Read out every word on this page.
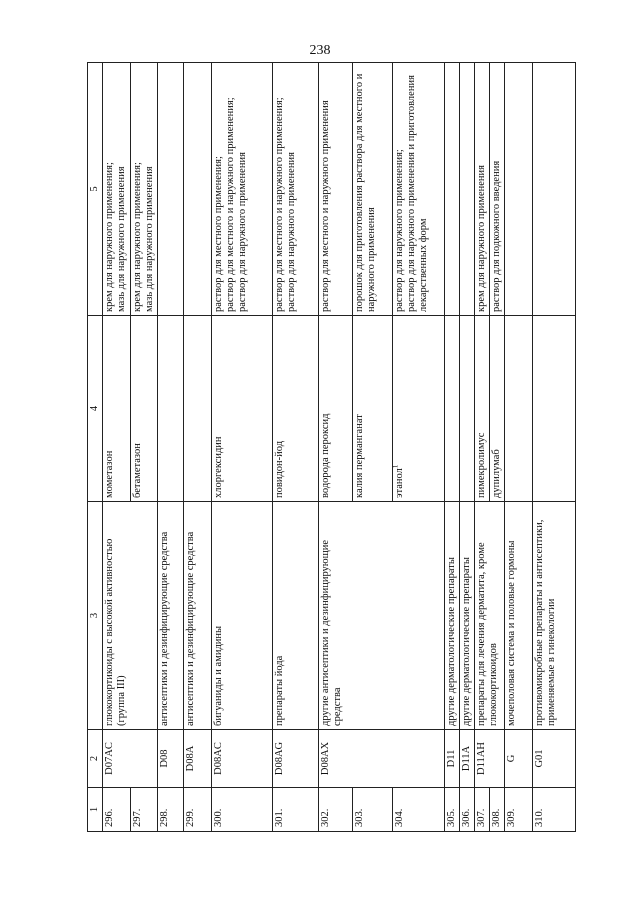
238
1	2	3	4	5
296.	D07AC	глюкокортикоиды с высокой активностью (группа III)	мометазон	крем для наружного применения;
мазь для наружного применения
297.			бетаметазон	крем для наружного применения;
мазь для наружного применения
298.	D08	антисептики и дезинфицирующие средства		
299.	D08A	антисептики и дезинфицирующие средства		
300.	D08AC	бигуаниды и амидины	хлоргексидин	раствор для местного применения;
раствор для местного и наружного применения;
раствор для наружного применения
301.	D08AG	препараты йода	повидон-йод	раствор для местного и наружного применения;
раствор для наружного применения
302.	D08AX	другие антисептики и дезинфицирующие средства	водорода пероксид	раствор для местного и наружного применения
303.			калия перманганат	порошок для приготовления раствора для местного и наружного применения
304.			этанол$^1$	раствор для наружного применения;
раствор для наружного применения и приготовления лекарственных форм
305.	D11	другие дерматологические препараты		
306.	D11A	другие дерматологические препараты		
307.	D11AH	препараты для лечения дерматита, кроме глюкокортикоидов	пимекролимус	крем для наружного применения
308.			дупилумаб	раствор для подкожного введения
309.	G	мочеполовая система и половые гормоны		
310.	G01	противомикробные препараты и антисептики, применяемые в гинекологии		
